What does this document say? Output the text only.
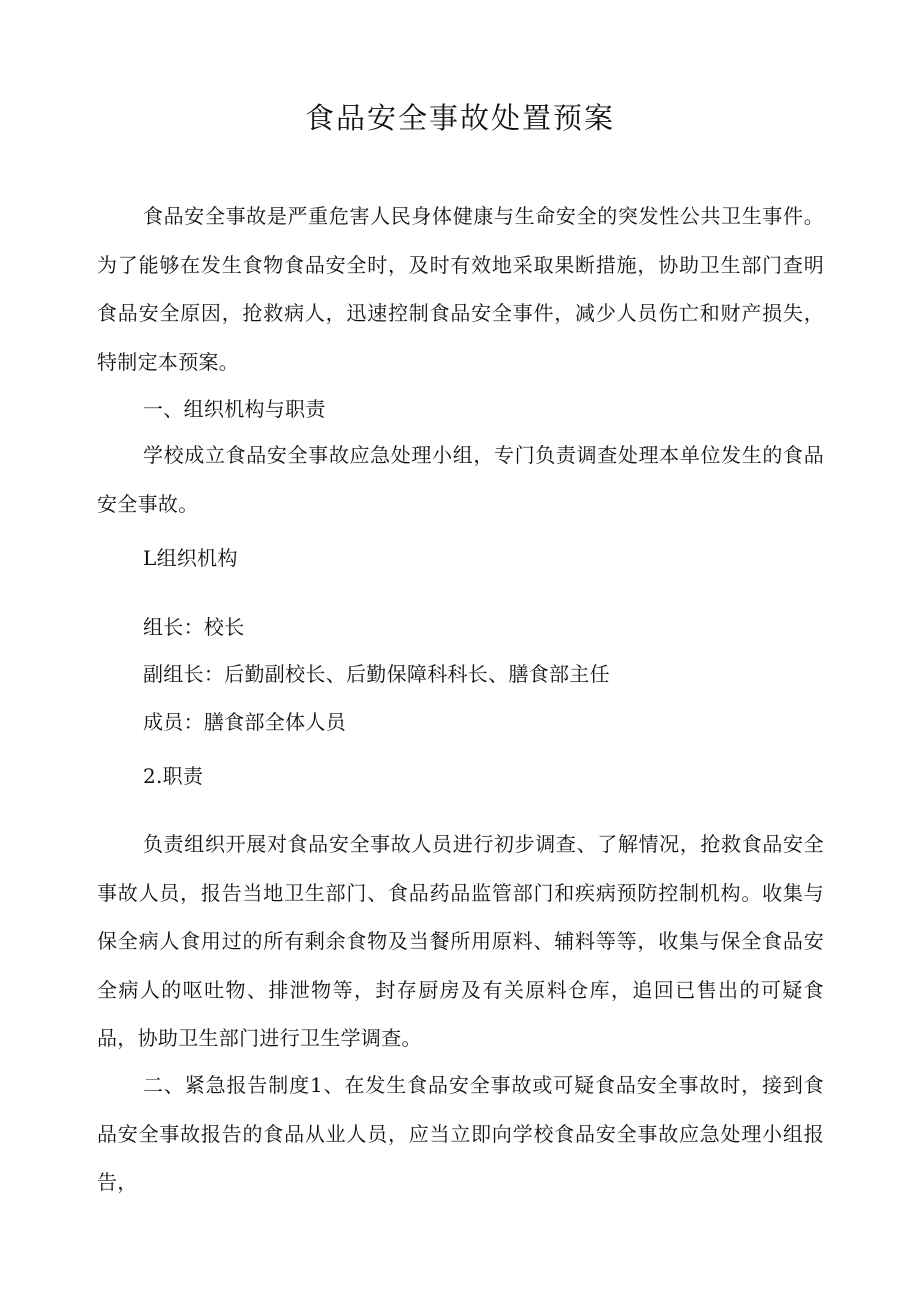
食品安全事故处置预案

食品安全事故是严重危害人民身体健康与生命安全的突发性公共卫生事件。为了能够在发生食物食品安全时，及时有效地采取果断措施，协助卫生部门查明食品安全原因，抢救病人，迅速控制食品安全事件，减少人员伤亡和财产损失，特制定本预案。

一、组织机构与职责

学校成立食品安全事故应急处理小组，专门负责调查处理本单位发生的食品安全事故。

L组织机构

组长：校长

副组长：后勤副校长、后勤保障科科长、膳食部主任

成员：膳食部全体人员

2.职责

负责组织开展对食品安全事故人员进行初步调查、了解情况，抢救食品安全事故人员，报告当地卫生部门、食品药品监管部门和疾病预防控制机构。收集与保全病人食用过的所有剩余食物及当餐所用原料、辅料等等，收集与保全食品安全病人的呕吐物、排泄物等，封存厨房及有关原料仓库，追回已售出的可疑食品，协助卫生部门进行卫生学调查。

二、紧急报告制度1、在发生食品安全事故或可疑食品安全事故时，接到食品安全事故报告的食品从业人员，应当立即向学校食品安全事故应急处理小组报告，
